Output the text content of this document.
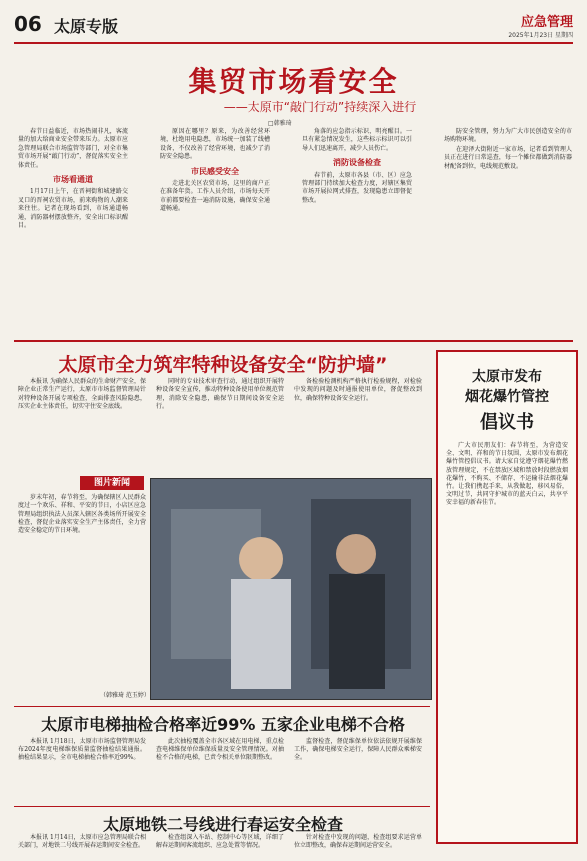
06 太原专版	应急管理
2025年1月23日 星期四
集贸市场看安全
——太原市“敲门行动”持续深入进行
□韩雅琦

春节日益临近，市场热闹非凡，客流量的加大给商业安全带来压力。太原市应急管理局联合市场监管等部门，对全市集贸市场开展“敲门行动”，督促落实安全主体责任。

市场看通道

1月17日上午，在晋祠街和城建路交叉口的晋祠农贸市场，前来购物的人潮来来往往。记者在现场看到，市场通道畅通，消防器材摆放整齐，安全出口标识醒目。

原因在哪里？原来，为改善经营环境，杜绝用电隐患，市场统一加装了线槽设备，不仅改善了经营环境，也减少了消防安全隐患。

市民感受安全

走进北关区农贸市场，这里的商户正在准备年货。工作人员介绍，市场每天开市前都要检查一遍消防设施，确保安全通道畅通。

角落的应急指示标识，明亮醒目。一旦有紧急情况发生，这些标示标识可以引导人们迅速离开，减少人员伤亡。

消防设备检查

春节前，太原市各县（市、区）应急管理部门持续加大检查力度，对辖区集贸市场开展拉网式排查，发现隐患立即督促整改。

防安全管理，努力为广大市民创造安全的市场购物环境。

在迎泽大街附近一家市场，记者看到管理人员正在进行日常巡查，每一个摊位都做到消防器材配备到位，电线规范敷设。

太原市全力筑牢特种设备安全“防护墙”

本报讯 为确保人民群众的生命财产安全，保障企业正常生产运行，太原市市场监督管理局针对特种设备开展专项检查，全面排查风险隐患，压实企业主体责任，切实守住安全底线。

同时的专业技术审查行动，通过组织开展特种设备安全宣传，推动特种设备使用单位规范管理，消除安全隐患，确保节日期间设备安全运行。

备检验检测机构严格执行检验规程，对检验中发现的问题及时通报使用单位，督促整改到位，确保特种设备安全运行。

图片新闻

岁末年初，春节将至，为确保辖区人民群众度过一个欢乐、祥和、平安的节日，小店区应急管理局组织执法人员深入辖区各类场所开展安全检查，督促企业落实安全生产主体责任，全力营造安全稳定的节日环境。

（韩雅琦 范玉婷）
太原市发布
烟花爆竹管控
倡议书

广大市民朋友们：春节将至，为营造安全、文明、祥和的节日氛围，太原市发布烟花爆竹管控倡议书。请大家自觉遵守烟花爆竹燃放管理规定，不在禁放区域和禁放时段燃放烟花爆竹，不购买、不储存、不运输非法烟花爆竹。让我们携起手来，从我做起，移风易俗，文明过节，共同守护城市的蓝天白云，共享平安幸福的新春佳节。

太原市电梯抽检合格率近99% 五家企业电梯不合格

本报讯 1月18日，太原市市场监督管理局发布2024年度电梯维保质量监督抽检结果通报。抽检结果显示，全市电梯抽检合格率近99%。

此次抽检覆盖全市各区域在用电梯，重点检查电梯维保单位维保质量及安全管理情况。对抽检不合格的电梯，已责令相关单位限期整改。

监督检查，督促维保单位依法依规开展维保工作，确保电梯安全运行，保障人民群众乘梯安全。

太原地铁二号线进行春运安全检查

本报讯 1月14日，太原市应急管理局联合相关部门，对地铁二号线开展春运期间安全检查。

检查组深入车站、控制中心等区域，详细了解春运期间客流组织、应急处置等情况。

针对检查中发现的问题，检查组要求运营单位立即整改，确保春运期间运营安全。
